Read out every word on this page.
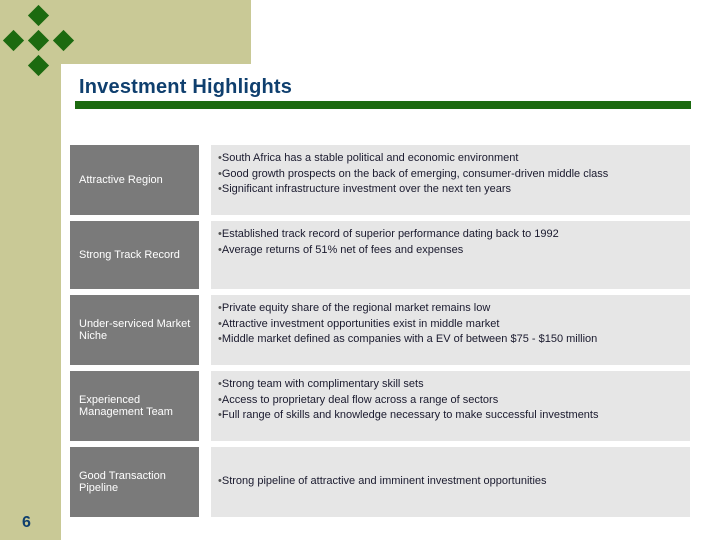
Investment Highlights
Attractive Region
• South Africa has a stable political and economic environment
• Good growth prospects on the back of emerging, consumer-driven middle class
• Significant infrastructure investment over the next ten years
Strong Track Record
• Established track record of superior performance dating back to 1992
• Average returns of 51% net of fees and expenses
Under-serviced Market Niche
• Private equity share of the regional market remains low
• Attractive investment opportunities exist in middle market
• Middle market defined as companies with a EV of between $75 - $150 million
Experienced Management Team
• Strong team with complimentary skill sets
• Access to proprietary deal flow across a range of sectors
• Full range of skills and knowledge necessary to make successful investments
Good Transaction Pipeline
• Strong pipeline of attractive and imminent investment opportunities
6
